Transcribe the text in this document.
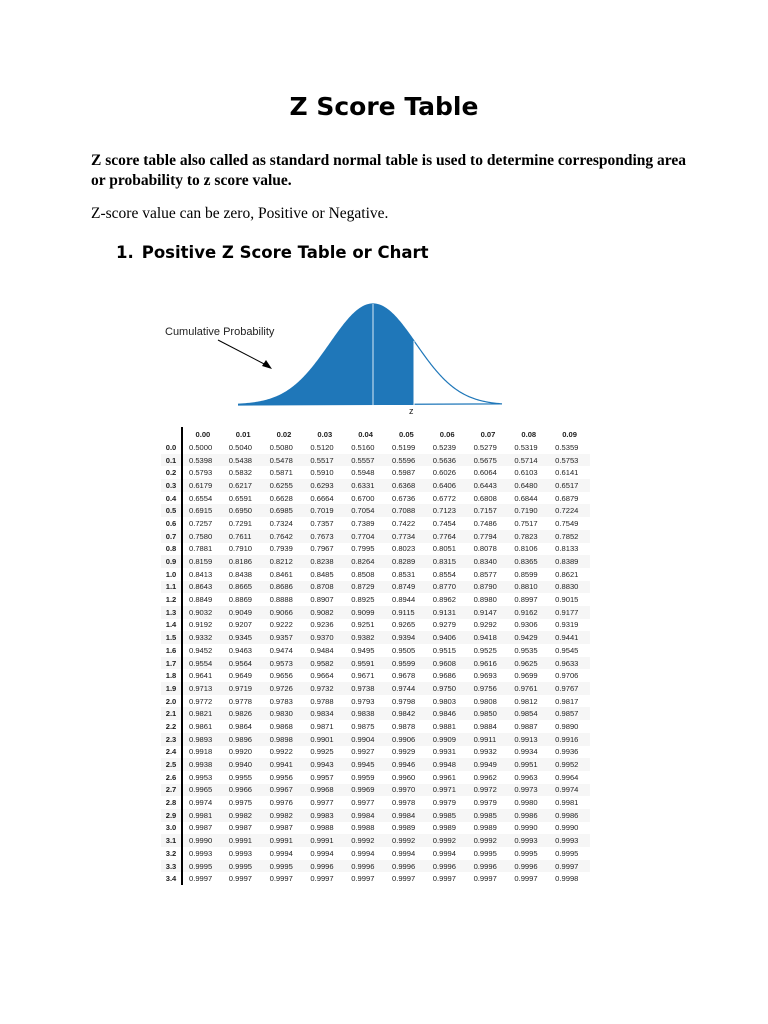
Z Score Table
Z score table also called as standard normal table is used to determine corresponding area or probability to z score value.
Z-score value can be zero, Positive or Negative.
1. Positive Z Score Table or Chart
Cumulative Probability
z
	0.00	0.01	0.02	0.03	0.04	0.05	0.06	0.07	0.08	0.09
0.0	0.5000	0.5040	0.5080	0.5120	0.5160	0.5199	0.5239	0.5279	0.5319	0.5359
0.1	0.5398	0.5438	0.5478	0.5517	0.5557	0.5596	0.5636	0.5675	0.5714	0.5753
0.2	0.5793	0.5832	0.5871	0.5910	0.5948	0.5987	0.6026	0.6064	0.6103	0.6141
0.3	0.6179	0.6217	0.6255	0.6293	0.6331	0.6368	0.6406	0.6443	0.6480	0.6517
0.4	0.6554	0.6591	0.6628	0.6664	0.6700	0.6736	0.6772	0.6808	0.6844	0.6879
0.5	0.6915	0.6950	0.6985	0.7019	0.7054	0.7088	0.7123	0.7157	0.7190	0.7224
0.6	0.7257	0.7291	0.7324	0.7357	0.7389	0.7422	0.7454	0.7486	0.7517	0.7549
0.7	0.7580	0.7611	0.7642	0.7673	0.7704	0.7734	0.7764	0.7794	0.7823	0.7852
0.8	0.7881	0.7910	0.7939	0.7967	0.7995	0.8023	0.8051	0.8078	0.8106	0.8133
0.9	0.8159	0.8186	0.8212	0.8238	0.8264	0.8289	0.8315	0.8340	0.8365	0.8389
1.0	0.8413	0.8438	0.8461	0.8485	0.8508	0.8531	0.8554	0.8577	0.8599	0.8621
1.1	0.8643	0.8665	0.8686	0.8708	0.8729	0.8749	0.8770	0.8790	0.8810	0.8830
1.2	0.8849	0.8869	0.8888	0.8907	0.8925	0.8944	0.8962	0.8980	0.8997	0.9015
1.3	0.9032	0.9049	0.9066	0.9082	0.9099	0.9115	0.9131	0.9147	0.9162	0.9177
1.4	0.9192	0.9207	0.9222	0.9236	0.9251	0.9265	0.9279	0.9292	0.9306	0.9319
1.5	0.9332	0.9345	0.9357	0.9370	0.9382	0.9394	0.9406	0.9418	0.9429	0.9441
1.6	0.9452	0.9463	0.9474	0.9484	0.9495	0.9505	0.9515	0.9525	0.9535	0.9545
1.7	0.9554	0.9564	0.9573	0.9582	0.9591	0.9599	0.9608	0.9616	0.9625	0.9633
1.8	0.9641	0.9649	0.9656	0.9664	0.9671	0.9678	0.9686	0.9693	0.9699	0.9706
1.9	0.9713	0.9719	0.9726	0.9732	0.9738	0.9744	0.9750	0.9756	0.9761	0.9767
2.0	0.9772	0.9778	0.9783	0.9788	0.9793	0.9798	0.9803	0.9808	0.9812	0.9817
2.1	0.9821	0.9826	0.9830	0.9834	0.9838	0.9842	0.9846	0.9850	0.9854	0.9857
2.2	0.9861	0.9864	0.9868	0.9871	0.9875	0.9878	0.9881	0.9884	0.9887	0.9890
2.3	0.9893	0.9896	0.9898	0.9901	0.9904	0.9906	0.9909	0.9911	0.9913	0.9916
2.4	0.9918	0.9920	0.9922	0.9925	0.9927	0.9929	0.9931	0.9932	0.9934	0.9936
2.5	0.9938	0.9940	0.9941	0.9943	0.9945	0.9946	0.9948	0.9949	0.9951	0.9952
2.6	0.9953	0.9955	0.9956	0.9957	0.9959	0.9960	0.9961	0.9962	0.9963	0.9964
2.7	0.9965	0.9966	0.9967	0.9968	0.9969	0.9970	0.9971	0.9972	0.9973	0.9974
2.8	0.9974	0.9975	0.9976	0.9977	0.9977	0.9978	0.9979	0.9979	0.9980	0.9981
2.9	0.9981	0.9982	0.9982	0.9983	0.9984	0.9984	0.9985	0.9985	0.9986	0.9986
3.0	0.9987	0.9987	0.9987	0.9988	0.9988	0.9989	0.9989	0.9989	0.9990	0.9990
3.1	0.9990	0.9991	0.9991	0.9991	0.9992	0.9992	0.9992	0.9992	0.9993	0.9993
3.2	0.9993	0.9993	0.9994	0.9994	0.9994	0.9994	0.9994	0.9995	0.9995	0.9995
3.3	0.9995	0.9995	0.9995	0.9996	0.9996	0.9996	0.9996	0.9996	0.9996	0.9997
3.4	0.9997	0.9997	0.9997	0.9997	0.9997	0.9997	0.9997	0.9997	0.9997	0.9998
